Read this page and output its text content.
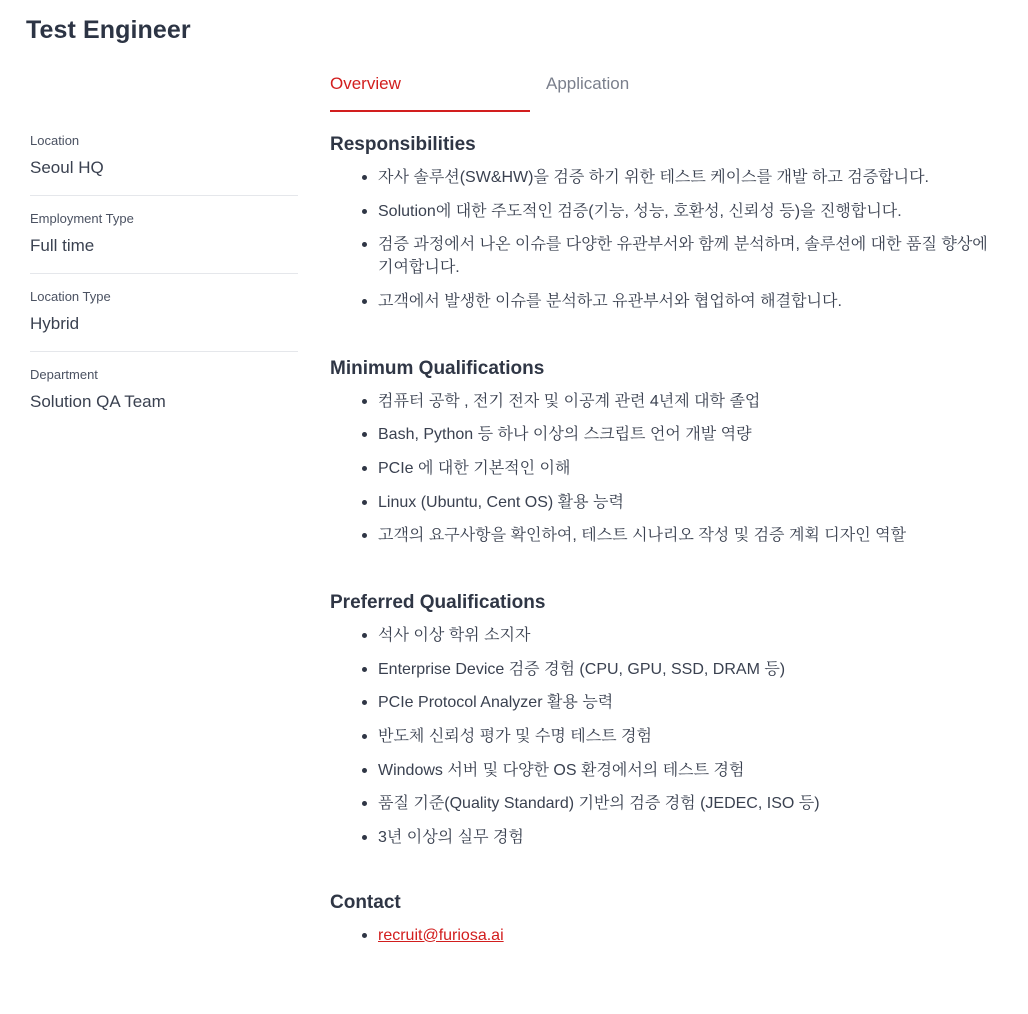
Test Engineer
Overview	Application
Location
Seoul HQ
Employment Type
Full time
Location Type
Hybrid
Department
Solution QA Team
Responsibilities
자사 솔루션(SW&HW)을 검증 하기 위한 테스트 케이스를 개발 하고 검증합니다.
Solution에 대한 주도적인 검증(기능, 성능, 호환성, 신뢰성 등)을 진행합니다.
검증 과정에서 나온 이슈를 다양한 유관부서와 함께 분석하며, 솔루션에 대한 품질 향상에 기여합니다.
고객에서 발생한 이슈를 분석하고 유관부서와 협업하여 해결합니다.
Minimum Qualifications
컴퓨터 공학 , 전기 전자 및 이공계 관련 4년제 대학 졸업
Bash, Python 등 하나 이상의 스크립트 언어 개발 역량
PCIe 에 대한 기본적인 이해
Linux (Ubuntu, Cent OS) 활용 능력
고객의 요구사항을 확인하여, 테스트 시나리오 작성 및 검증 계획 디자인 역할
Preferred Qualifications
석사 이상 학위 소지자
Enterprise Device 검증 경험 (CPU, GPU, SSD, DRAM 등)
PCIe Protocol Analyzer 활용 능력
반도체 신뢰성 평가 및 수명 테스트 경험
Windows 서버 및 다양한 OS 환경에서의 테스트 경험
품질 기준(Quality Standard) 기반의 검증 경험 (JEDEC, ISO 등)
3년 이상의 실무 경험
Contact
recruit@furiosa.ai
